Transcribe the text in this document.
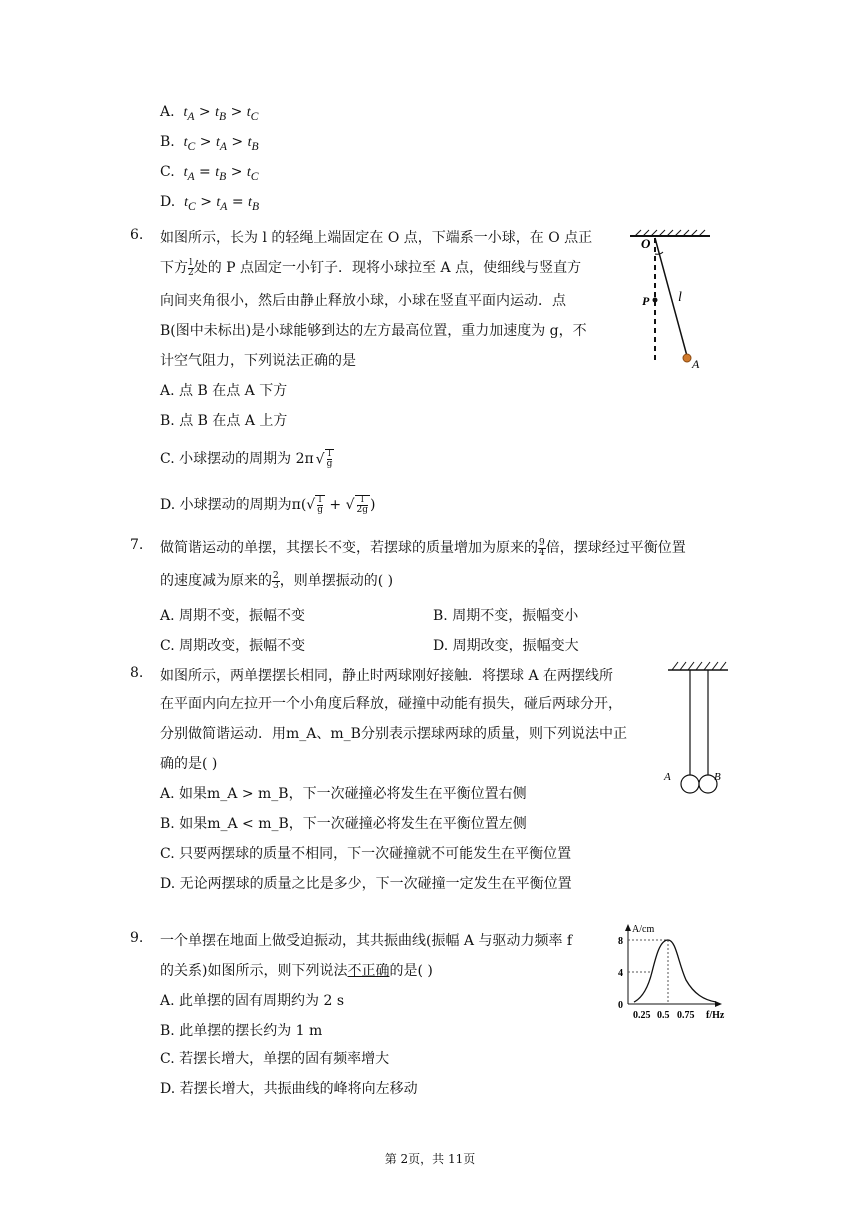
A.  $t_A > t_B > t_C$
B.  $t_C > t_A > t_B$
C.  $t_A = t_B > t_C$
D.  $t_C > t_A = t_B$
6. 如图所示，长为 l 的轻绳上端固定在 O 点，下端系一小球，在 O 点正
下方 $\frac{l}{2}$ 处的 P 点固定一小钉子．现将小球拉至 A 点，使细线与竖直方
向间夹角很小，然后由静止释放小球，小球在竖直平面内运动．点
B(图中未标出)是小球能够到达的左方最高位置，重力加速度为 g，不
计空气阻力，下列说法正确的是
A. 点 B 在点 A 下方
B. 点 B 在点 A 上方
C. 小球摆动的周期为 2π √ $\frac{l}{g}$
D. 小球摆动的周期为$\pi(√ \frac{l}{g}$ + √ $\frac{l}{2g}$ )
O
P l
A
7. 做简谐运动的单摆，其摆长不变，若摆球的质量增加为原来的 $\frac{9}{4}$ 倍，摆球经过平衡位置
的速度减为原来的 $\frac{2}{3}$ ，则单摆振动的( )
A. 周期不变，振幅不变	B. 周期不变，振幅变小
C. 周期改变，振幅不变	D. 周期改变，振幅变大
8. 如图所示，两单摆摆长相同，静止时两球刚好接触．将摆球 A 在两摆线所
在平面内向左拉开一个小角度后释放，碰撞中动能有损失，碰后两球分开，
分别做简谐运动．用m_A、m_B分别表示摆球两球的质量，则下列说法中正
确的是( )
A. 如果m_A > m_B，下一次碰撞必将发生在平衡位置右侧
B. 如果m_A < m_B，下一次碰撞必将发生在平衡位置左侧
C. 只要两摆球的质量不相同，下一次碰撞就不可能发生在平衡位置
D. 无论两摆球的质量之比是多少，下一次碰撞一定发生在平衡位置
A	B
9. 一个单摆在地面上做受迫振动，其共振曲线(振幅 A 与驱动力频率 f
的关系)如图所示，则下列说法不正确的是( )
A. 此单摆的固有周期约为 2 s
B. 此单摆的摆长约为 1 m
C. 若摆长增大，单摆的固有频率增大
D. 若摆长增大，共振曲线的峰将向左移动
A/cm
8
4
0
0.25 0.5 0.75 f/Hz
第 2页，共 11页
